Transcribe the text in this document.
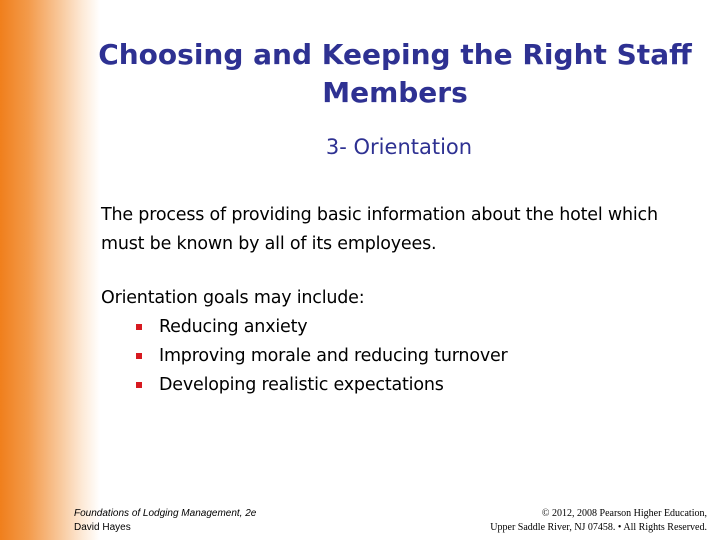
Choosing and Keeping the Right Staff Members
3- Orientation

The process of providing basic information about the hotel which must be known by all of its employees.

Orientation goals may include:

Reducing anxiety
Improving morale and reducing turnover
Developing realistic expectations
Foundations of Lodging Management, 2e
David Hayes
© 2012, 2008 Pearson Higher Education,
Upper Saddle River, NJ 07458. • All Rights Reserved.
